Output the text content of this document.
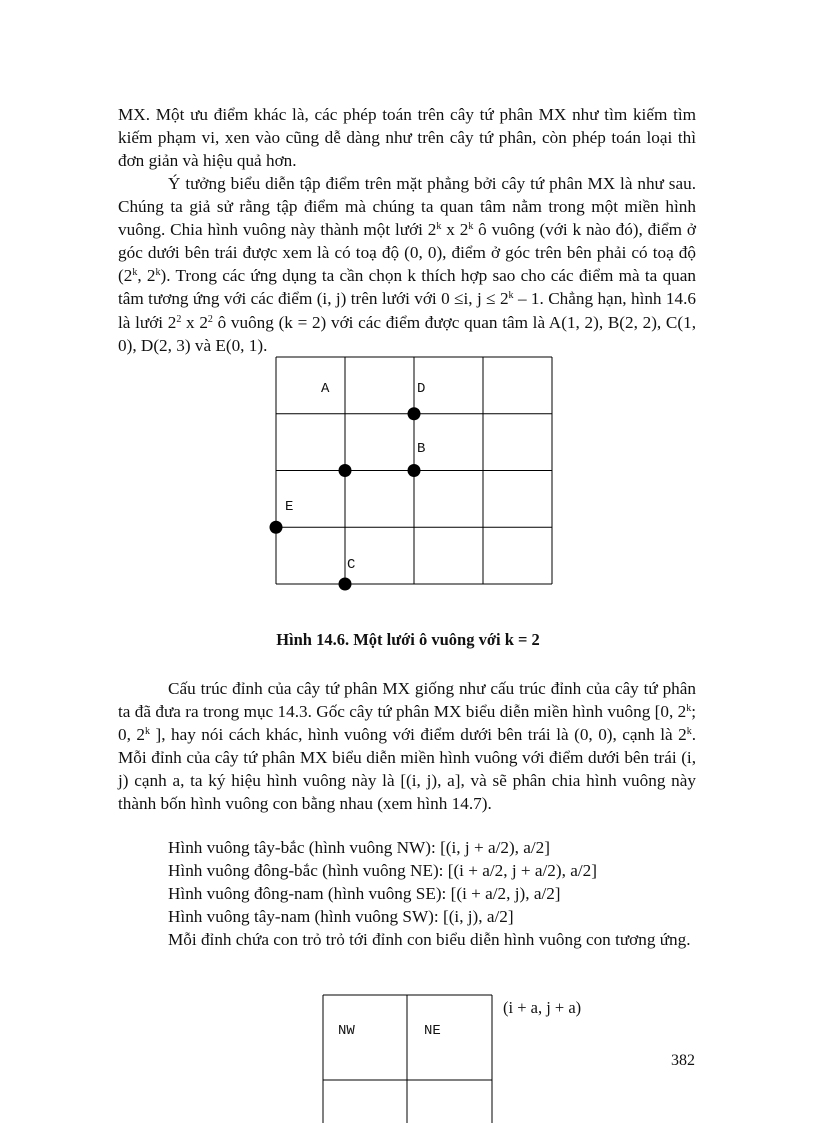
MX. Một ưu điểm khác là, các phép toán trên cây tứ phân MX như tìm kiếm tìm kiếm phạm vi, xen vào cũng dễ dàng như trên cây tứ phân, còn phép toán loại thì đơn giản và hiệu quả hơn.

Ý tưởng biểu diễn tập điểm trên mặt phẳng bởi cây tứ phân MX là như sau. Chúng ta giả sử rằng tập điểm mà chúng ta quan tâm nằm trong một miền hình vuông. Chia hình vuông này thành một lưới 2$^k$ x 2$^k$ ô vuông (với k nào đó), điểm ở góc dưới bên trái được xem là có toạ độ (0, 0), điểm ở góc trên bên phải có toạ độ (2$^k$, 2$^k$). Trong các ứng dụng ta cần chọn k thích hợp sao cho các điểm mà ta quan tâm tương ứng với các điểm (i, j) trên lưới với 0 ≤i, $j \le 2^k - 1$. Chẳng hạn, hình 14.6 là lưới $2^2$ x $2^2$ ô vuông (k = 2) với các điểm được quan tâm là A(1, 2), B(2, 2), C(1, 0), D(2, 3) và E(0, 1).

A	D
B
E
C
Hình 14.6. Một lưới ô vuông với k = 2

Cấu trúc đỉnh của cây tứ phân MX giống như cấu trúc đỉnh của cây tứ phân ta đã đưa ra trong mục 14.3. Gốc cây tứ phân MX biểu diễn miền hình vuông [0, 2$^k$; 0, 2$^k$ ], hay nói cách khác, hình vuông với điểm dưới bên trái là (0, 0), cạnh là 2$^k$. Mỗi đỉnh của cây tứ phân MX biểu diễn miền hình vuông với điểm dưới bên trái (i, j) cạnh a, ta ký hiệu hình vuông này là [(i, j), a], và sẽ phân chia hình vuông này thành bốn hình vuông con bằng nhau (xem hình 14.7).

Hình vuông tây-bắc (hình vuông NW): [(i, j + a/2), a/2]

Hình vuông đông-bắc (hình vuông NE): [(i + a/2, j + a/2), a/2]

Hình vuông đông-nam (hình vuông SE): [(i + a/2, j), a/2]

Hình vuông tây-nam (hình vuông SW): [(i, j), a/2]

Mỗi đỉnh chứa con trỏ trỏ tới đỉnh con biểu diễn hình vuông con tương ứng.

NW	NE
(i + a, j + a)
382
